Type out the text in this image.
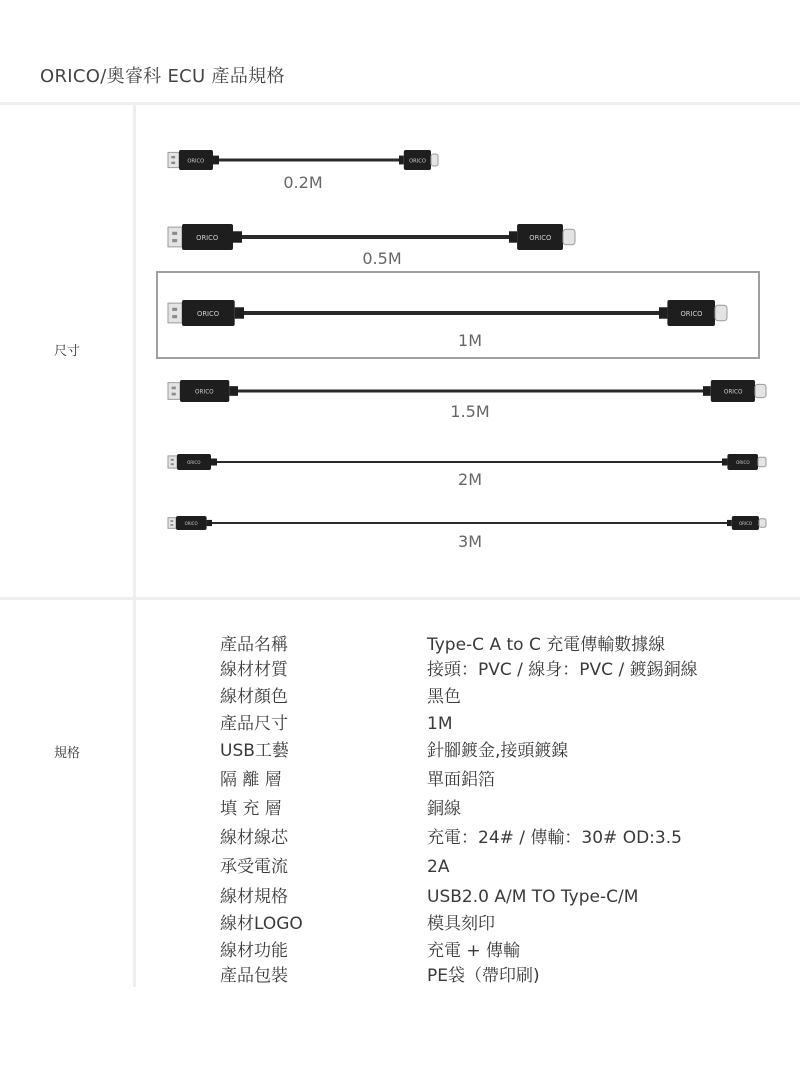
ORICO/奧睿科 ECU 產品規格
尺寸
規格
ORICO	ORICO
ORICO	ORICO
ORICO	ORICO
ORICO	ORICO
ORICO	ORICO
ORICO	ORICO
0.2M
0.5M
1M
1.5M
2M
3M
產品名稱	Type-C A to C 充電傳輸數據線
線材材質	接頭：PVC / 線身：PVC / 鍍錫銅線
線材顏色	黑色
產品尺寸	1M
USB工藝	針腳鍍金,接頭鍍鎳
隔 離 層	單面鋁箔
填 充 層	銅線
線材線芯	充電：24# / 傳輸：30# OD:3.5
承受電流	2A
線材規格	USB2.0 A/M TO Type-C/M
線材LOGO	模具刻印
線材功能	充電 + 傳輸
產品包裝	PE袋（帶印刷)
